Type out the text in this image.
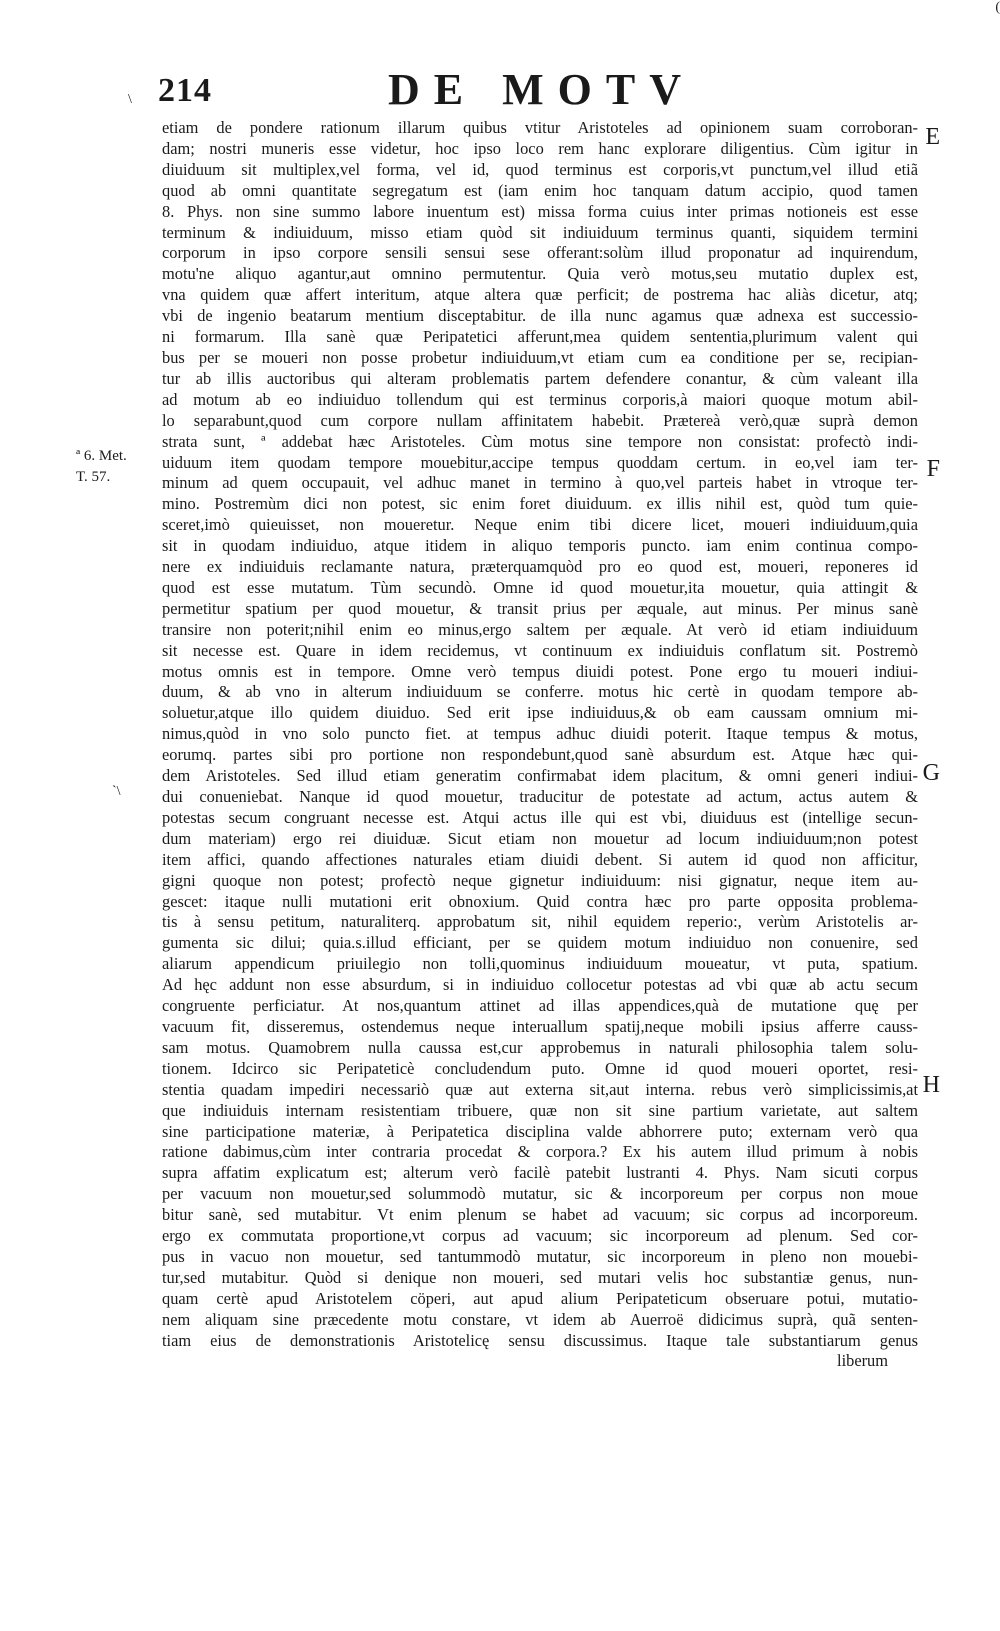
(
\
`\
214	DE MOTV
E
F
G
H
ª 6. Met.
T. 57.
etiam de pondere rationum illarum quibus vtitur Aristoteles ad opinionem suam corroboran-
dam; nostri muneris esse videtur, hoc ipso loco rem hanc explorare diligentius. Cùm igitur in
diuiduum sit multiplex,vel forma, vel id, quod terminus est corporis,vt punctum,vel illud etiã
quod ab omni quantitate segregatum est (iam enim hoc tanquam datum accipio, quod tamen
8. Phys. non sine summo labore inuentum est) missa forma cuius inter primas notioneis est esse
terminum & indiuiduum, misso etiam quòd sit indiuiduum terminus quanti, siquidem termini
corporum in ipso corpore sensili sensui sese offerant:solùm illud proponatur ad inquirendum,
motu'ne aliquo agantur,aut omnino permutentur. Quia verò motus,seu mutatio duplex est,
vna quidem quæ affert interitum, atque altera quæ perficit; de postrema hac aliàs dicetur, atq;
vbi de ingenio beatarum mentium disceptabitur. de illa nunc agamus quæ adnexa est successio-
ni formarum. Illa sanè quæ Peripatetici afferunt,mea quidem sententia,plurimum valent qui
bus per se moueri non posse probetur indiuiduum,vt etiam cum ea conditione per se, recipian-
tur ab illis auctoribus qui alteram problematis partem defendere conantur, & cùm valeant illa
ad motum ab eo indiuiduo tollendum qui est terminus corporis,à maiori quoque motum abil-
lo separabunt,quod cum corpore nullam affinitatem habebit. Prætereà verò,quæ suprà demon
strata sunt, ª addebat hæc Aristoteles. Cùm motus sine tempore non consistat: profectò indi-
uiduum item quodam tempore mouebitur,accipe tempus quoddam certum. in eo,vel iam ter-
minum ad quem occupauit, vel adhuc manet in termino à quo,vel parteis habet in vtroque ter-
mino. Postremùm dici non potest, sic enim foret diuiduum. ex illis nihil est, quòd tum quie-
sceret,imò quieuisset, non moueretur. Neque enim tibi dicere licet, moueri indiuiduum,quia
sit in quodam indiuiduo, atque itidem in aliquo temporis puncto. iam enim continua compo-
nere ex indiuiduis reclamante natura, præterquamquòd pro eo quod est, moueri, reponeres id
quod est esse mutatum. Tùm secundò. Omne id quod mouetur,ita mouetur, quia attingit &
permetitur spatium per quod mouetur, & transit prius per æquale, aut minus. Per minus sanè
transire non poterit;nihil enim eo minus,ergo saltem per æquale. At verò id etiam indiuiduum
sit necesse est. Quare in idem recidemus, vt continuum ex indiuiduis conflatum sit. Postremò
motus omnis est in tempore. Omne verò tempus diuidi potest. Pone ergo tu moueri indiui-
duum, & ab vno in alterum indiuiduum se conferre. motus hic certè in quodam tempore ab-
soluetur,atque illo quidem diuiduo. Sed erit ipse indiuiduus,& ob eam caussam omnium mi-
nimus,quòd in vno solo puncto fiet. at tempus adhuc diuidi poterit. Itaque tempus & motus,
eorumq. partes sibi pro portione non respondebunt,quod sanè absurdum est. Atque hæc qui-
dem Aristoteles. Sed illud etiam generatim confirmabat idem placitum, & omni generi indiui-
dui conueniebat. Nanque id quod mouetur, traducitur de potestate ad actum, actus autem &
potestas secum congruant necesse est. Atqui actus ille qui est vbi, diuiduus est (intellige secun-
dum materiam) ergo rei diuiduæ. Sicut etiam non mouetur ad locum indiuiduum;non potest
item affici, quando affectiones naturales etiam diuidi debent. Si autem id quod non afficitur,
gigni quoque non potest; profectò neque gignetur indiuiduum: nisi gignatur, neque item au-
gescet: itaque nulli mutationi erit obnoxium. Quid contra hæc pro parte opposita problema-
tis à sensu petitum, naturaliterq. approbatum sit, nihil equidem reperio:, verùm Aristotelis ar-
gumenta sic dilui; quia.s.illud efficiant, per se quidem motum indiuiduo non conuenire, sed
aliarum appendicum priuilegio non tolli,quominus indiuiduum moueatur, vt puta, spatium.
Ad hęc addunt non esse absurdum, si in indiuiduo collocetur potestas ad vbi quæ ab actu secum
congruente perficiatur. At nos,quantum attinet ad illas appendices,quà de mutatione quę per
vacuum fit, disseremus, ostendemus neque interuallum spatij,neque mobili ipsius afferre causs-
sam motus. Quamobrem nulla caussa est,cur approbemus in naturali philosophia talem solu-
tionem. Idcirco sic Peripateticè concludendum puto. Omne id quod moueri oportet, resi-
stentia quadam impediri necessariò quæ aut externa sit,aut interna. rebus verò simplicissimis,at
que indiuiduis internam resistentiam tribuere, quæ non sit sine partium varietate, aut saltem
sine participatione materiæ, à Peripatetica disciplina valde abhorrere puto; externam verò qua
ratione dabimus,cùm inter contraria procedat & corpora.? Ex his autem illud primum à nobis
supra affatim explicatum est; alterum verò facilè patebit lustranti 4. Phys. Nam sicuti corpus
per vacuum non mouetur,sed solummodò mutatur, sic & incorporeum per corpus non moue
bitur sanè, sed mutabitur. Vt enim plenum se habet ad vacuum; sic corpus ad incorporeum.
ergo ex commutata proportione,vt corpus ad vacuum; sic incorporeum ad plenum. Sed cor-
pus in vacuo non mouetur, sed tantummodò mutatur, sic incorporeum in pleno non mouebi-
tur,sed mutabitur. Quòd si denique non moueri, sed mutari velis hoc substantiæ genus, nun-
quam certè apud Aristotelem cöperi, aut apud alium Peripateticum obseruare potui, mutatio-
nem aliquam sine præcedente motu constare, vt idem ab Auerroë didicimus suprà, quã senten-
tiam eius de demonstrationis Aristotelicę sensu discussimus. Itaque tale substantiarum genus
liberum
